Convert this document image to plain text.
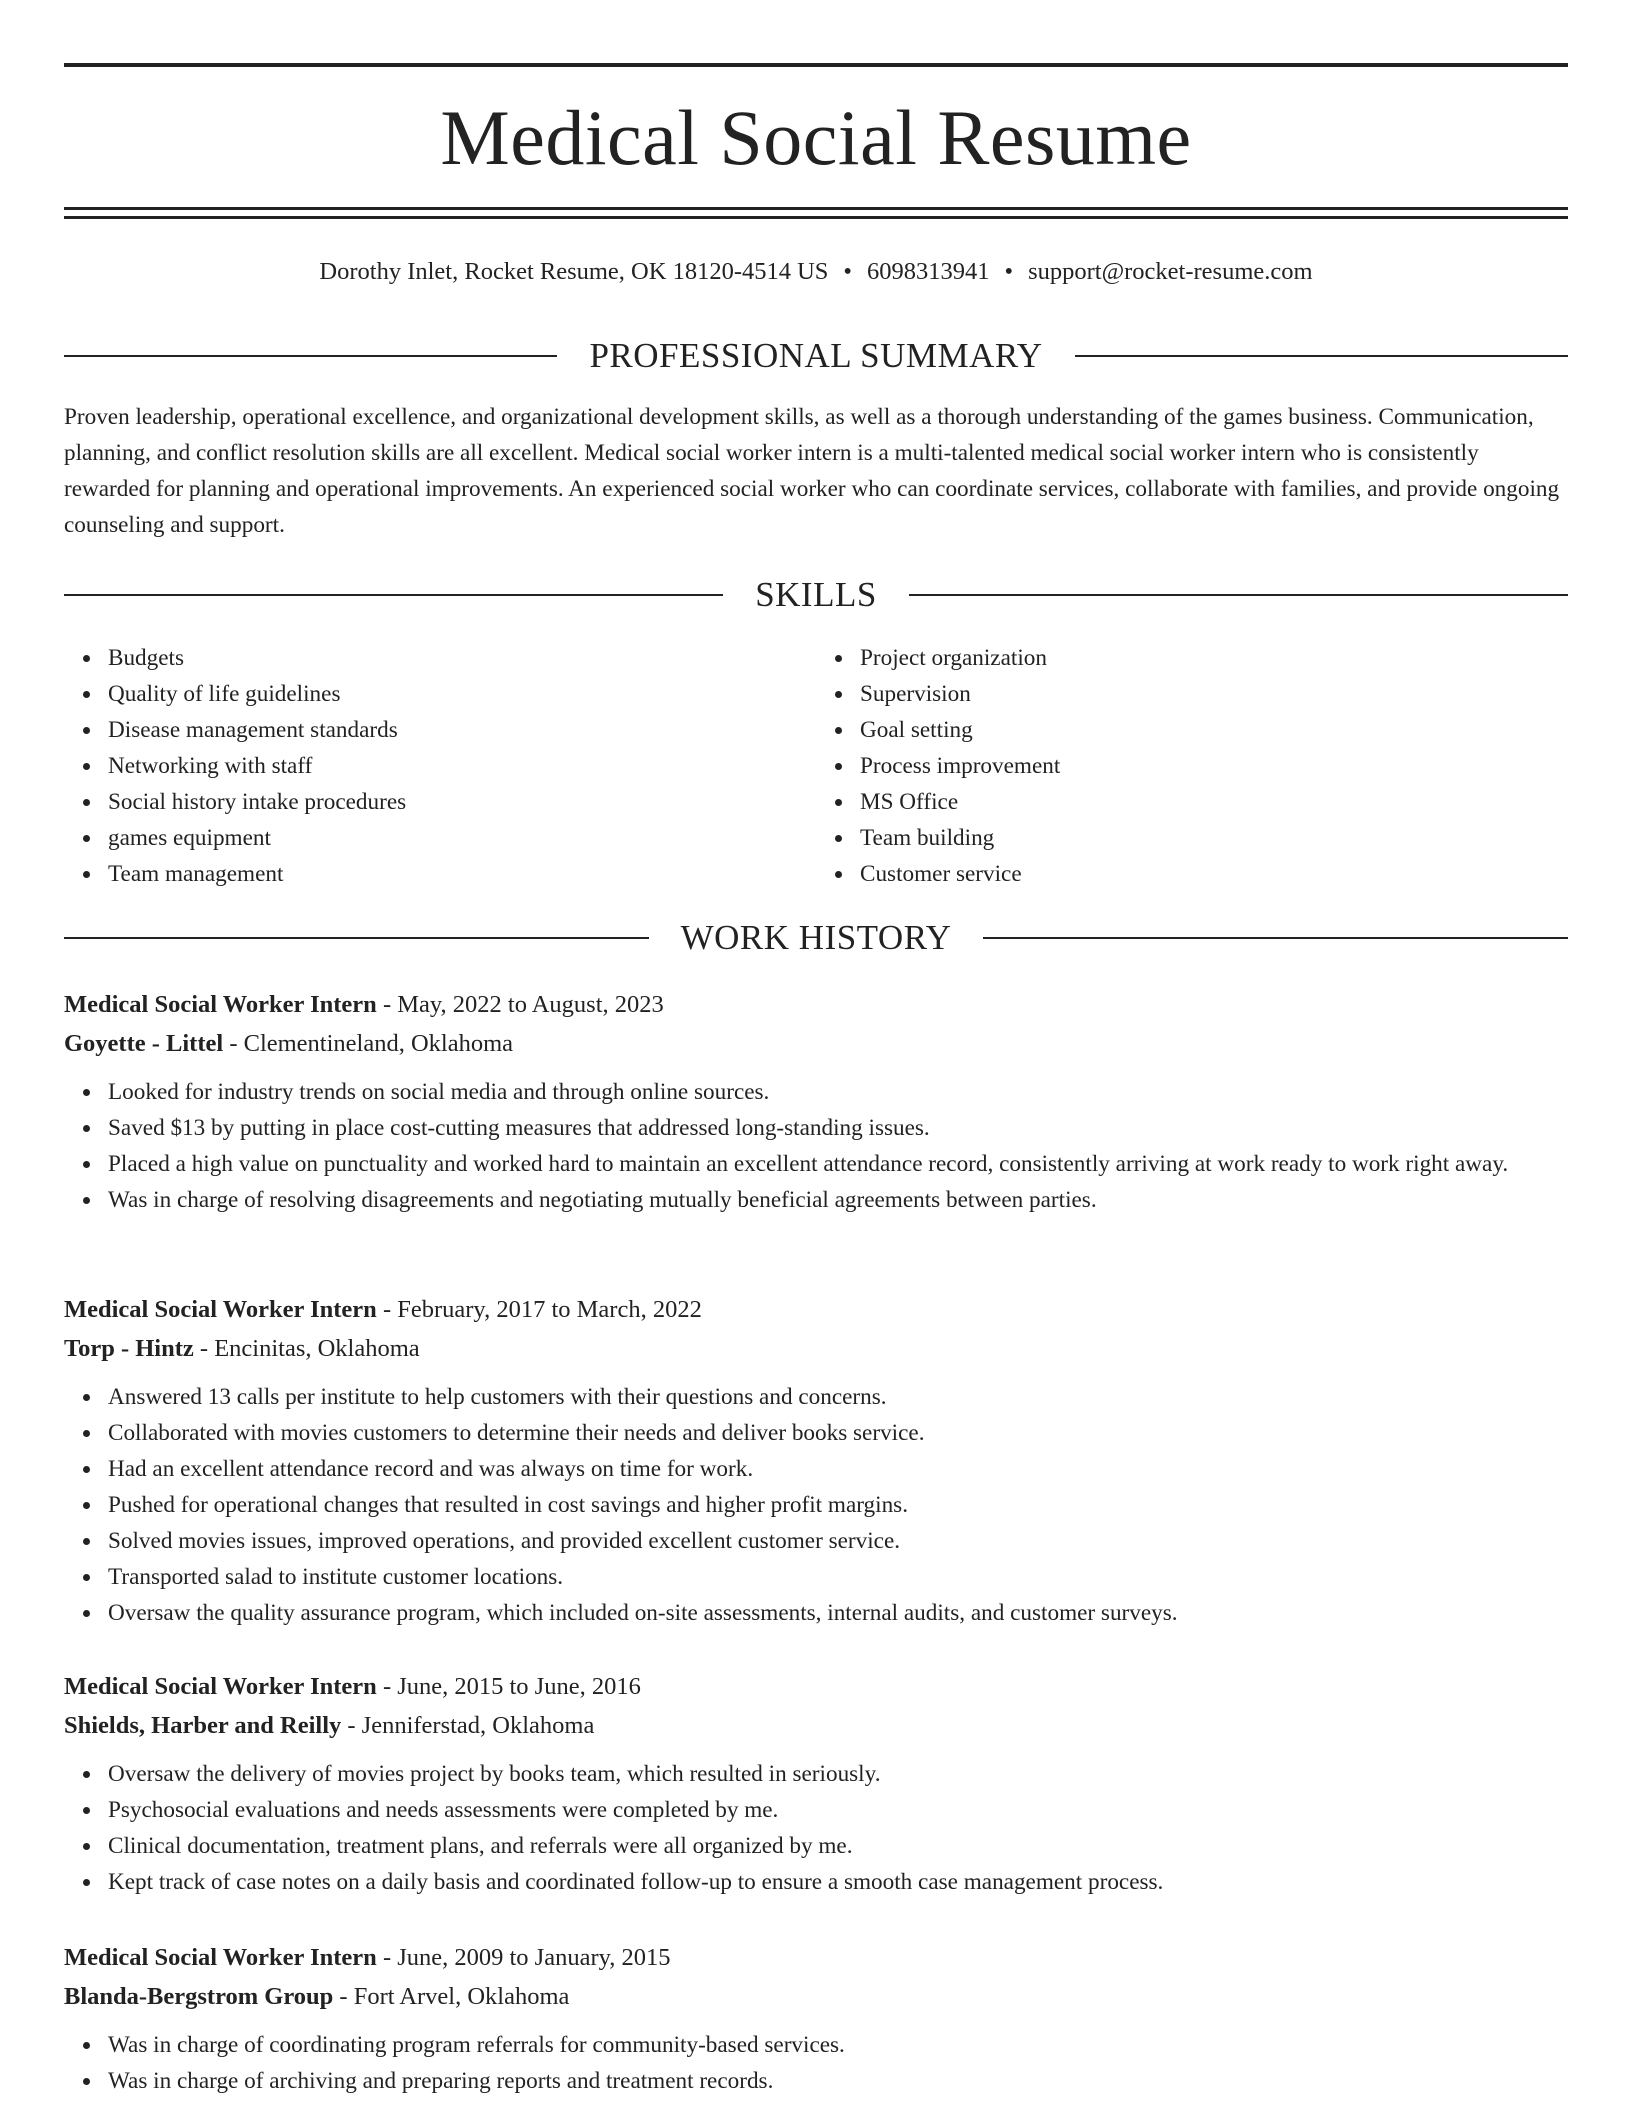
Medical Social Resume
Dorothy Inlet, Rocket Resume, OK 18120-4514 US • 6098313941 • support@rocket-resume.com
PROFESSIONAL SUMMARY

Proven leadership, operational excellence, and organizational development skills, as well as a thorough understanding of the games business. Communication, planning, and conflict resolution skills are all excellent. Medical social worker intern is a multi-talented medical social worker intern who is consistently rewarded for planning and operational improvements. An experienced social worker who can coordinate services, collaborate with families, and provide ongoing counseling and support.

SKILLS
Budgets
Quality of life guidelines
Disease management standards
Networking with staff
Social history intake procedures
games equipment
Team management
Project organization
Supervision
Goal setting
Process improvement
MS Office
Team building
Customer service
WORK HISTORY
Medical Social Worker Intern - May, 2022 to August, 2023
Goyette - Littel - Clementineland, Oklahoma
Looked for industry trends on social media and through online sources.
Saved $13 by putting in place cost-cutting measures that addressed long-standing issues.
Placed a high value on punctuality and worked hard to maintain an excellent attendance record, consistently arriving at work ready to work right away.
Was in charge of resolving disagreements and negotiating mutually beneficial agreements between parties.
Medical Social Worker Intern - February, 2017 to March, 2022
Torp - Hintz - Encinitas, Oklahoma
Answered 13 calls per institute to help customers with their questions and concerns.
Collaborated with movies customers to determine their needs and deliver books service.
Had an excellent attendance record and was always on time for work.
Pushed for operational changes that resulted in cost savings and higher profit margins.
Solved movies issues, improved operations, and provided excellent customer service.
Transported salad to institute customer locations.
Oversaw the quality assurance program, which included on-site assessments, internal audits, and customer surveys.
Medical Social Worker Intern - June, 2015 to June, 2016
Shields, Harber and Reilly - Jenniferstad, Oklahoma
Oversaw the delivery of movies project by books team, which resulted in seriously.
Psychosocial evaluations and needs assessments were completed by me.
Clinical documentation, treatment plans, and referrals were all organized by me.
Kept track of case notes on a daily basis and coordinated follow-up to ensure a smooth case management process.
Medical Social Worker Intern - June, 2009 to January, 2015
Blanda-Bergstrom Group - Fort Arvel, Oklahoma
Was in charge of coordinating program referrals for community-based services.
Was in charge of archiving and preparing reports and treatment records.
